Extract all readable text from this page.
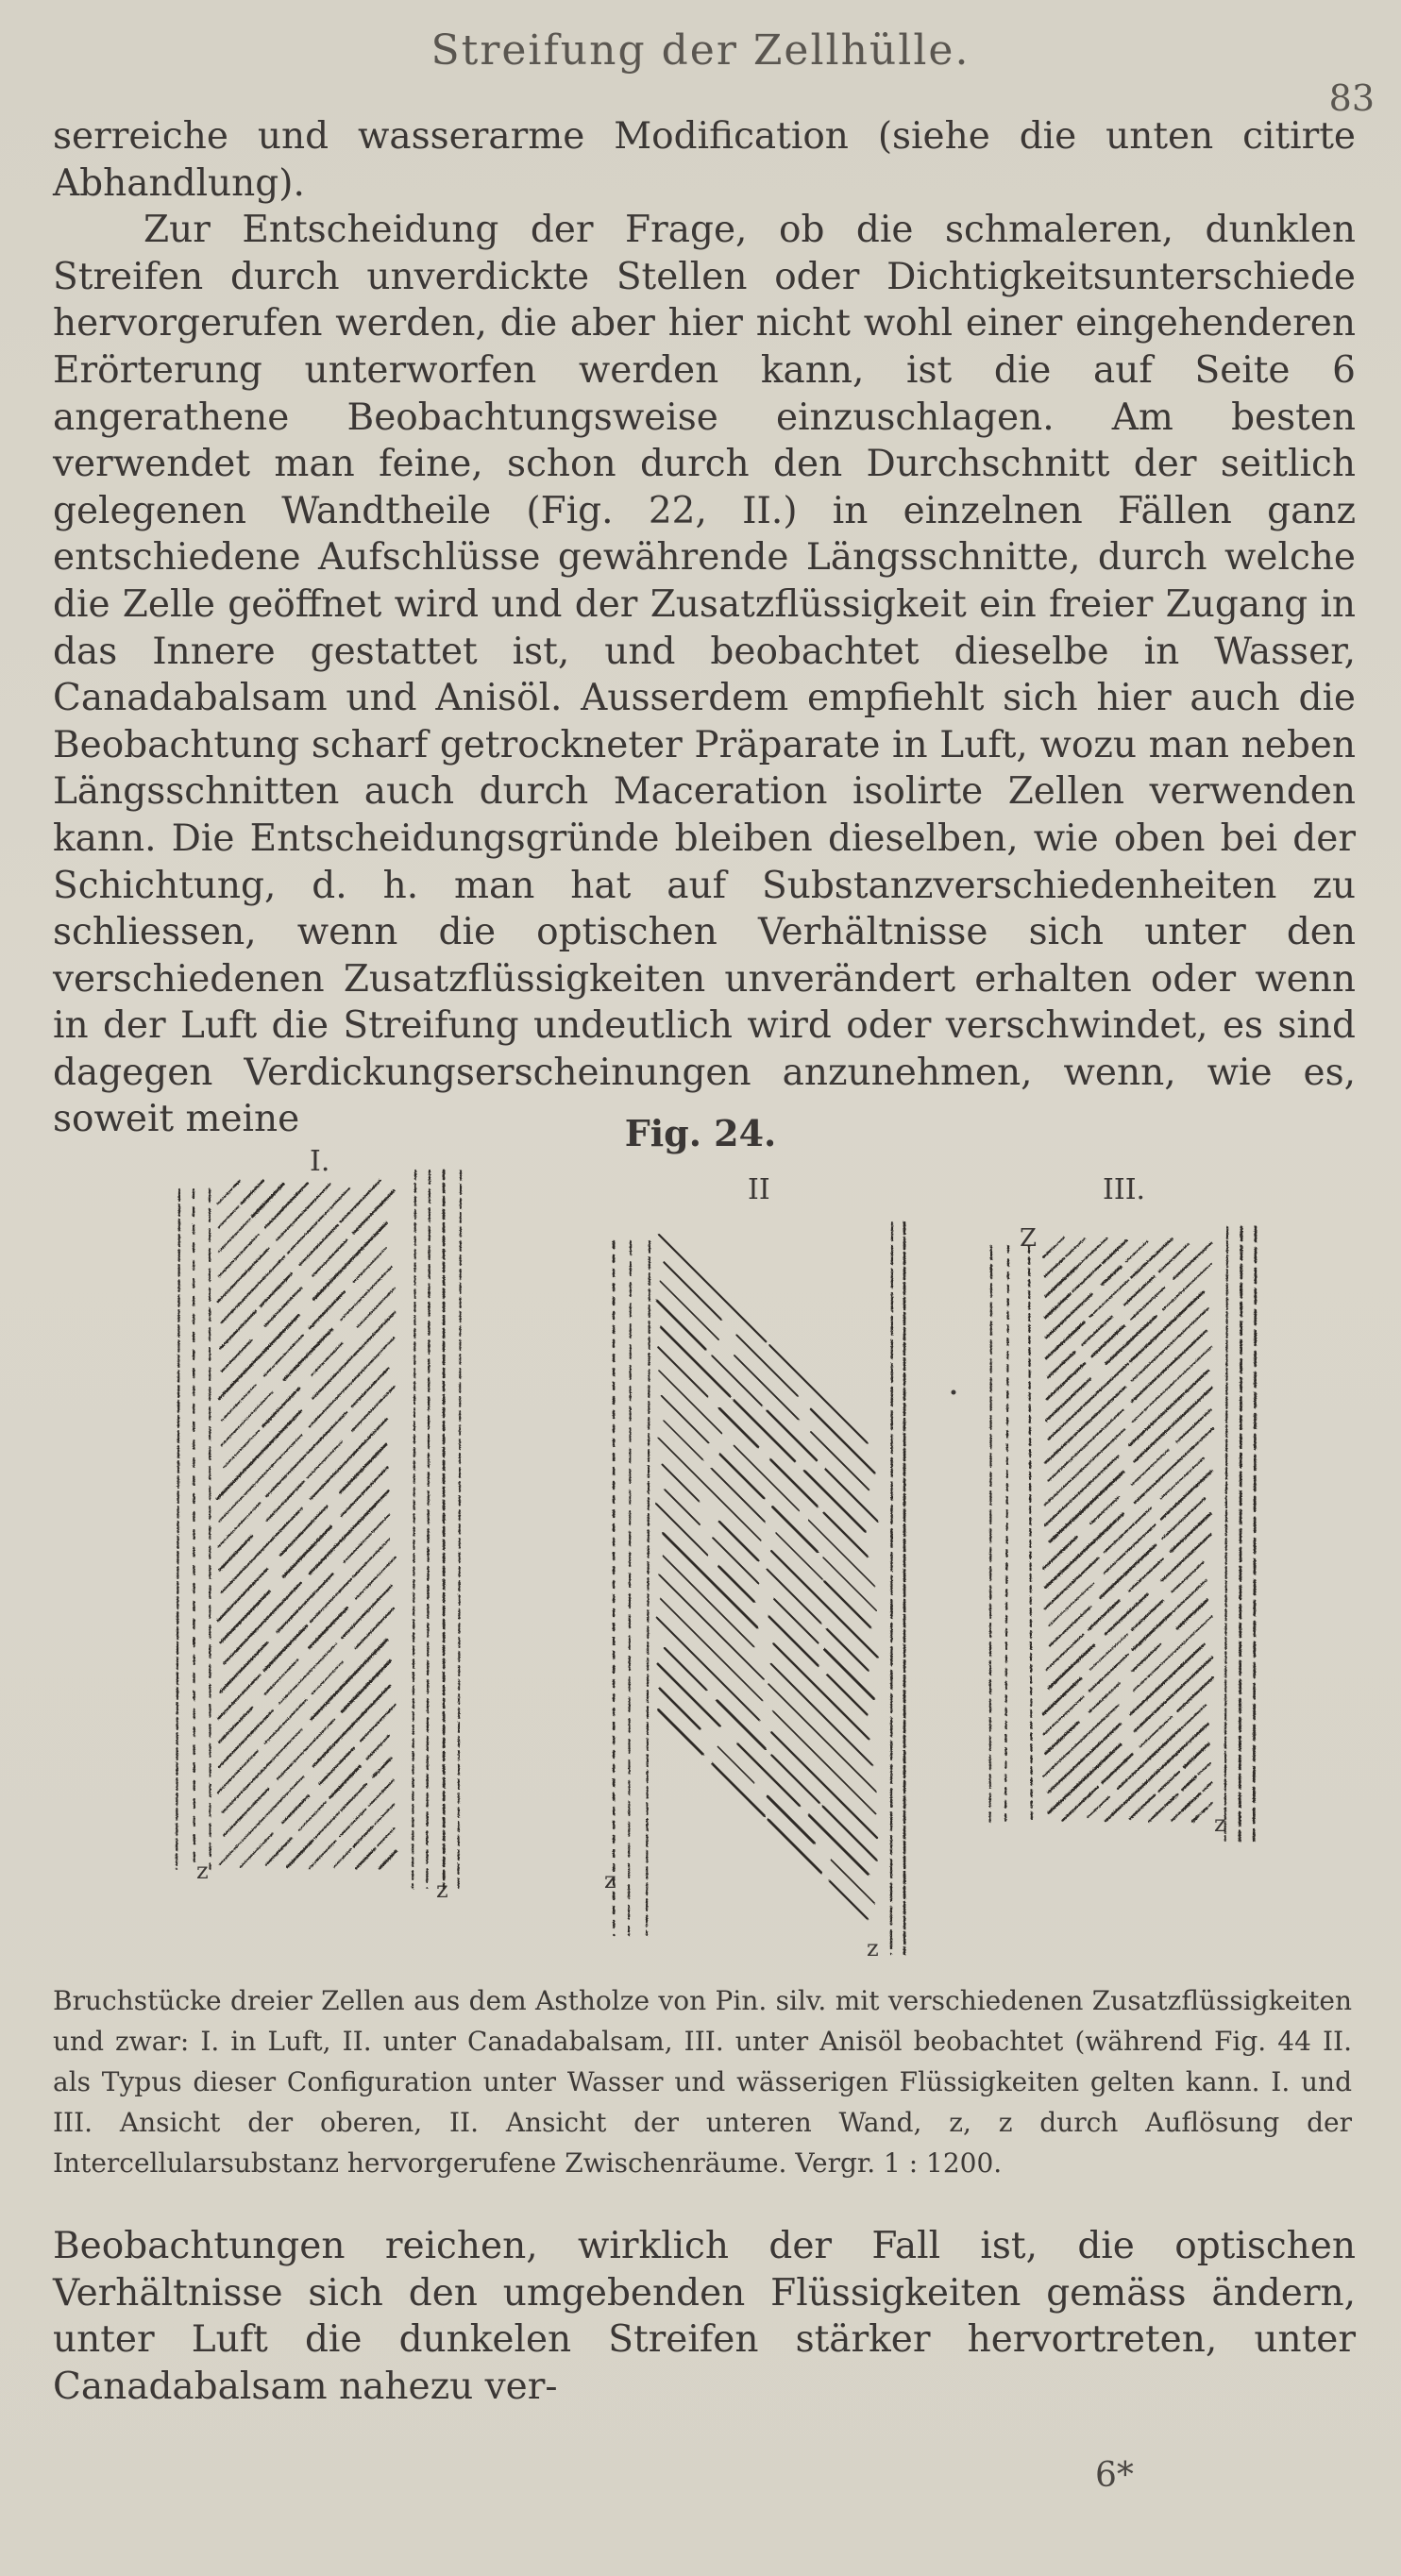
Streifung der Zellhülle.
83

serreiche und wasserarme Modification (siehe die unten citirte Abhandlung).

Zur Entscheidung der Frage, ob die schmaleren, dunklen Streifen durch unverdickte Stellen oder Dichtigkeitsunterschiede hervorgerufen werden, die aber hier nicht wohl einer eingehenderen Erörterung unterworfen werden kann, ist die auf Seite 6 angerathene Beobachtungsweise einzuschlagen. Am besten verwendet man feine, schon durch den Durchschnitt der seitlich gelegenen Wandtheile (Fig. 22, II.) in einzelnen Fällen ganz entschiedene Aufschlüsse gewährende Längsschnitte, durch welche die Zelle geöffnet wird und der Zusatzflüssigkeit ein freier Zugang in das Innere gestattet ist, und beobachtet dieselbe in Wasser, Canadabalsam und Anisöl. Ausserdem empfiehlt sich hier auch die Beobachtung scharf getrockneter Präparate in Luft, wozu man neben Längsschnitten auch durch Maceration isolirte Zellen verwenden kann. Die Entscheidungsgründe bleiben dieselben, wie oben bei der Schichtung, d. h. man hat auf Substanzverschiedenheiten zu schliessen, wenn die optischen Verhältnisse sich unter den verschiedenen Zusatzflüssigkeiten unverändert erhalten oder wenn in der Luft die Streifung undeutlich wird oder verschwindet, es sind dagegen Verdickungserscheinungen anzunehmen, wenn, wie es, soweit meine	Fig. 24.
I.
z
z
II
z
z
III.
Z
z
Bruchstücke dreier Zellen aus dem Astholze von Pin. silv. mit verschiedenen Zusatzflüssigkeiten und zwar: I. in Luft, II. unter Canadabalsam, III. unter Anisöl beobachtet (während Fig. 44 II. als Typus dieser Configuration unter Wasser und wässerigen Flüssigkeiten gelten kann. I. und III. Ansicht der oberen, II. Ansicht der unteren Wand, z, z durch Auflösung der Intercellularsubstanz hervorgerufene Zwischenräume. Vergr. 1 : 1200.

Beobachtungen reichen, wirklich der Fall ist, die optischen Verhältnisse sich den umgebenden Flüssigkeiten gemäss ändern, unter Luft die dunkelen Streifen stärker hervortreten, unter Canadabalsam nahezu ver-

6*
